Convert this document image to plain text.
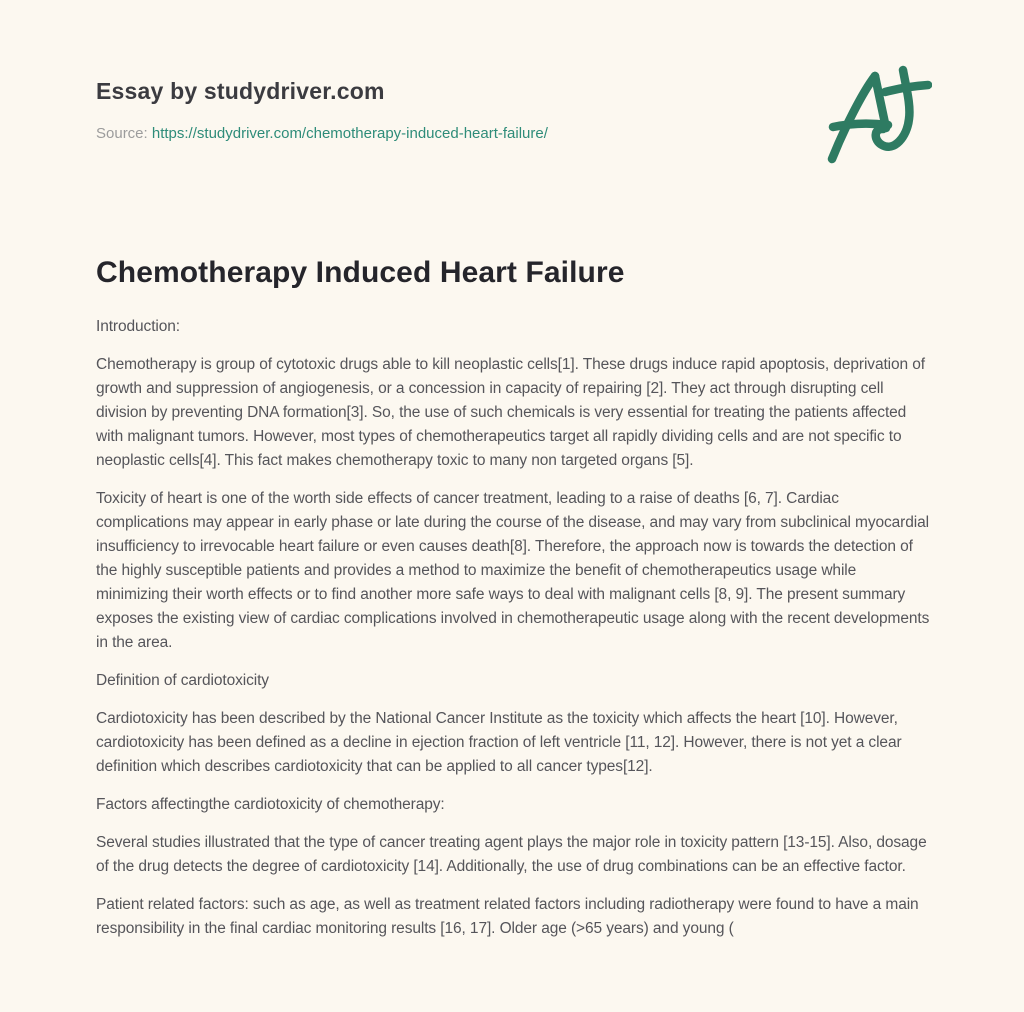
Essay by studydriver.com
Source: https://studydriver.com/chemotherapy-induced-heart-failure/
Chemotherapy Induced Heart Failure

Introduction:

Chemotherapy is group of cytotoxic drugs able to kill neoplastic cells[1]. These drugs induce rapid apoptosis, deprivation of growth and suppression of angiogenesis, or a concession in capacity of repairing [2]. They act through disrupting cell division by preventing DNA formation[3]. So, the use of such chemicals is very essential for treating the patients affected with malignant tumors. However, most types of chemotherapeutics target all rapidly dividing cells and are not specific to neoplastic cells[4]. This fact makes chemotherapy toxic to many non targeted organs [5].

Toxicity of heart is one of the worth side effects of cancer treatment, leading to a raise of deaths [6, 7]. Cardiac complications may appear in early phase or late during the course of the disease, and may vary from subclinical myocardial insufficiency to irrevocable heart failure or even causes death[8]. Therefore, the approach now is towards the detection of the highly susceptible patients and provides a method to maximize the benefit of chemotherapeutics usage while minimizing their worth effects or to find another more safe ways to deal with malignant cells [8, 9]. The present summary exposes the existing view of cardiac complications involved in chemotherapeutic usage along with the recent developments in the area.

Definition of cardiotoxicity

Cardiotoxicity has been described by the National Cancer Institute as the toxicity which affects the heart [10]. However, cardiotoxicity has been defined as a decline in ejection fraction of left ventricle [11, 12]. However, there is not yet a clear definition which describes cardiotoxicity that can be applied to all cancer types[12].

Factors affectingthe cardiotoxicity of chemotherapy:

Several studies illustrated that the type of cancer treating agent plays the major role in toxicity pattern [13-15]. Also, dosage of the drug detects the degree of cardiotoxicity [14]. Additionally, the use of drug combinations can be an effective factor.

Patient related factors: such as age, as well as treatment related factors including radiotherapy were found to have a main responsibility in the final cardiac monitoring results [16, 17]. Older age (>65 years) and young (
